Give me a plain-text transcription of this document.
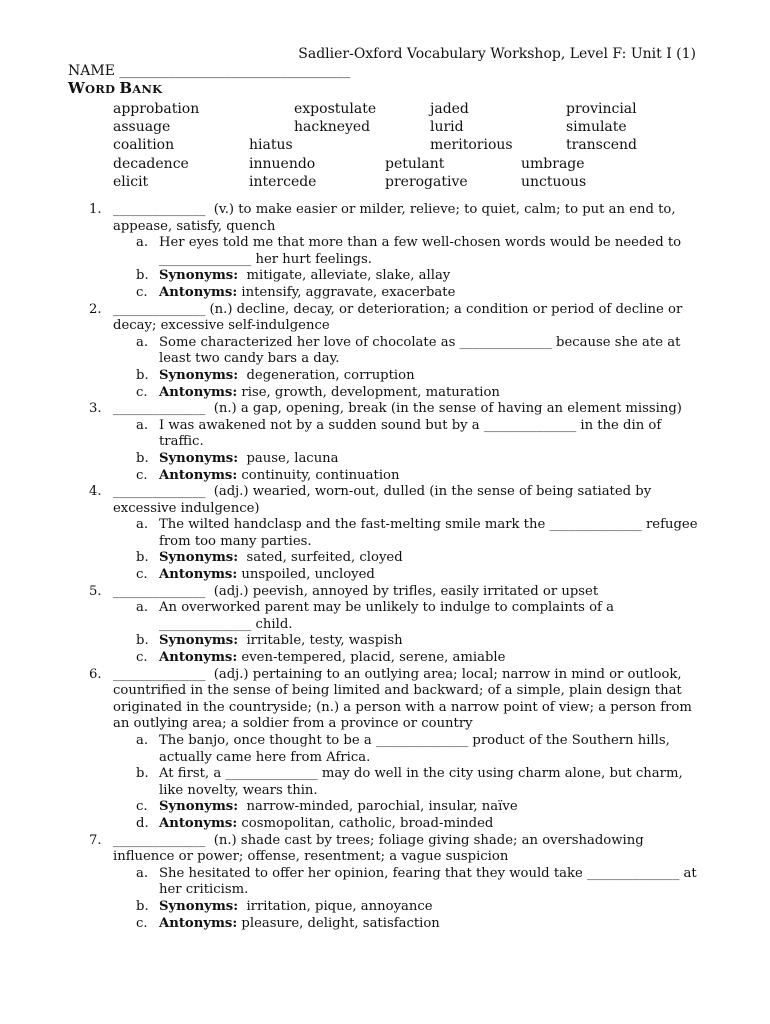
Sadlier-Oxford Vocabulary Workshop, Level F: Unit I (1)
NAME _________________________________
WORD BANK
approbation	expostulate	jaded	provincial
assuage	hackneyed	lurid	simulate
coalition	hiatus	meritorious	transcend
decadence	innuendo	petulant	umbrage
elicit	intercede	prerogative	unctuous
1. ______________ (v.) to make easier or milder, relieve; to quiet, calm; to put an end to, appease, satisfy, quench
a. Her eyes told me that more than a few well-chosen words would be needed to ______________ her hurt feelings.
b. Synonyms: mitigate, alleviate, slake, allay
c. Antonyms: intensify, aggravate, exacerbate
2. ______________ (n.) decline, decay, or deterioration; a condition or period of decline or decay; excessive self-indulgence
a. Some characterized her love of chocolate as ______________ because she ate at least two candy bars a day.
b. Synonyms: degeneration, corruption
c. Antonyms: rise, growth, development, maturation
3. ______________ (n.) a gap, opening, break (in the sense of having an element missing)
a. I was awakened not by a sudden sound but by a ______________ in the din of traffic.
b. Synonyms: pause, lacuna
c. Antonyms: continuity, continuation
4. ______________ (adj.) wearied, worn-out, dulled (in the sense of being satiated by excessive indulgence)
a. The wilted handclasp and the fast-melting smile mark the ______________ refugee from too many parties.
b. Synonyms: sated, surfeited, cloyed
c. Antonyms: unspoiled, uncloyed
5. ______________ (adj.) peevish, annoyed by trifles, easily irritated or upset
a. An overworked parent may be unlikely to indulge to complaints of a ______________ child.
b. Synonyms: irritable, testy, waspish
c. Antonyms: even-tempered, placid, serene, amiable
6. ______________ (adj.) pertaining to an outlying area; local; narrow in mind or outlook, countrified in the sense of being limited and backward; of a simple, plain design that originated in the countryside; (n.) a person with a narrow point of view; a person from an outlying area; a soldier from a province or country
a. The banjo, once thought to be a ______________ product of the Southern hills, actually came here from Africa.
b. At first, a ______________ may do well in the city using charm alone, but charm, like novelty, wears thin.
c. Synonyms: narrow-minded, parochial, insular, naïve
d. Antonyms: cosmopolitan, catholic, broad-minded
7. ______________ (n.) shade cast by trees; foliage giving shade; an overshadowing influence or power; offense, resentment; a vague suspicion
a. She hesitated to offer her opinion, fearing that they would take ______________ at her criticism.
b. Synonyms: irritation, pique, annoyance
c. Antonyms: pleasure, delight, satisfaction
